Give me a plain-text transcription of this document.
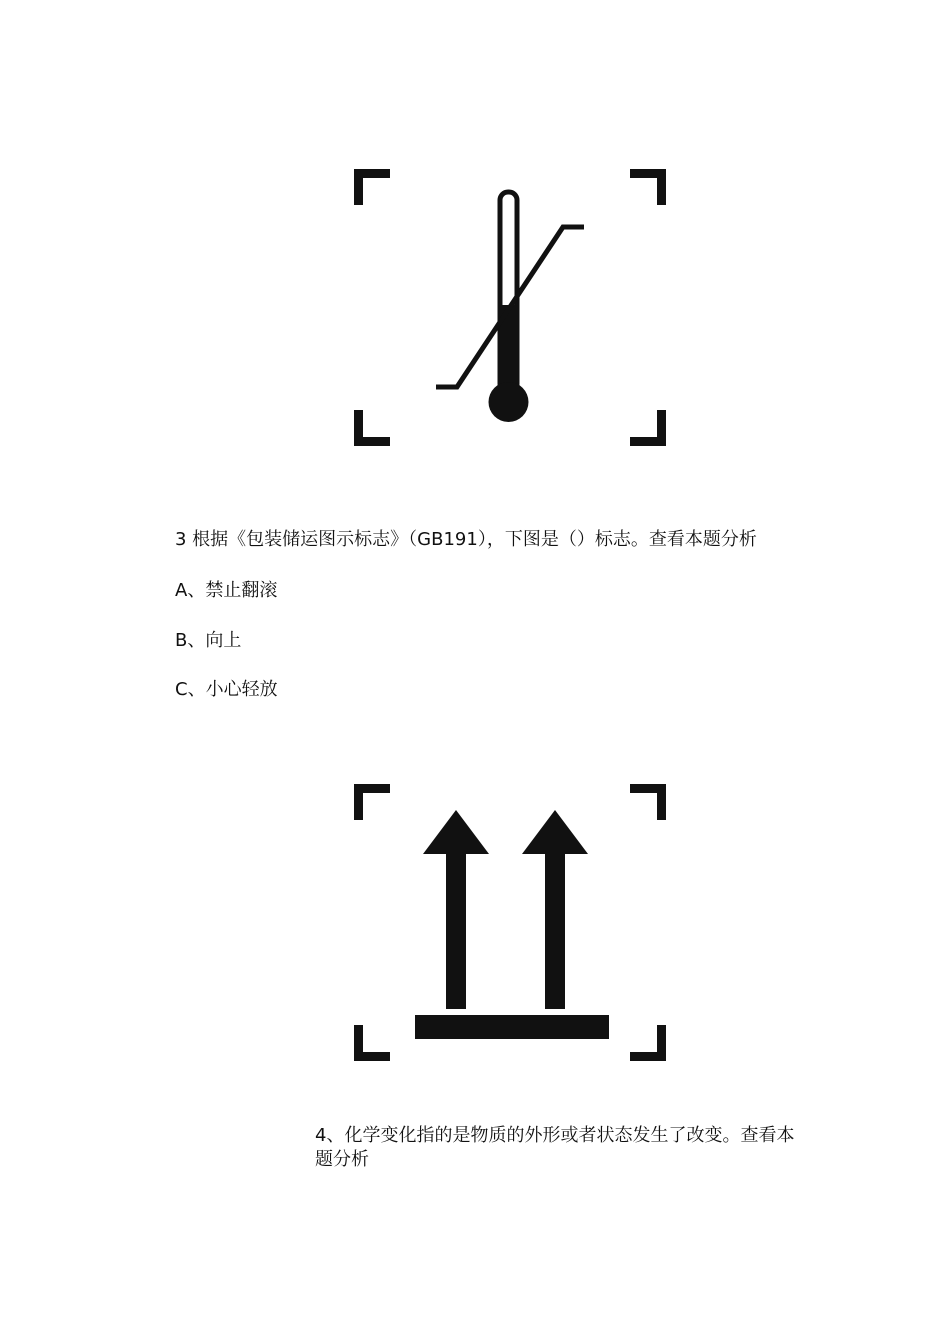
3 根据《包装储运图示标志》（GB191），下图是（）标志。查看本题分析
A、禁止翻滚
B、向上
C、小心轻放
4、化学变化指的是物质的外形或者状态发生了改变。查看本题分析
